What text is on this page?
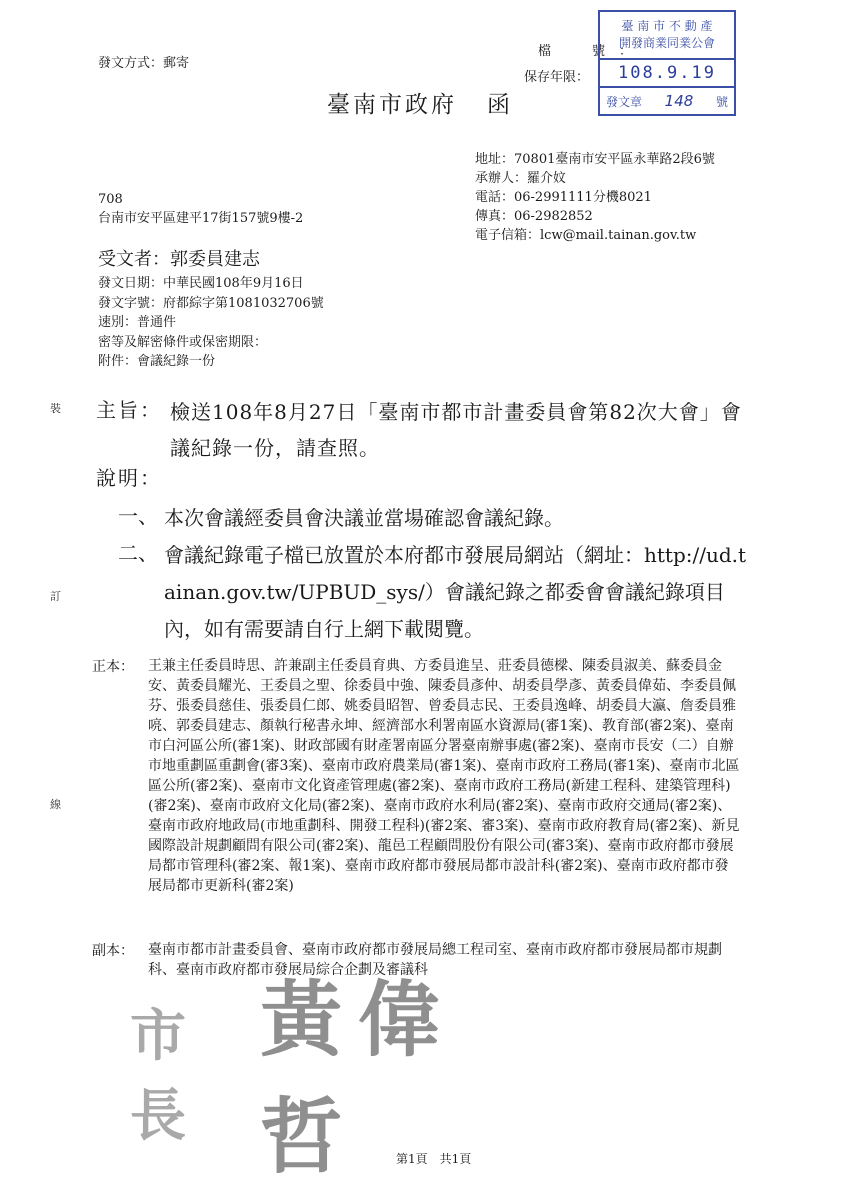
發文方式：郵寄
檔　號：
保存年限：
臺 南 市 不 動 產
開發商業同業公會
108.9.19
發文章 148 號
臺南市政府 函
地址：70801臺南市安平區永華路2段6號
承辦人：羅介妏
電話：06-2991111分機8021
傳真：06-2982852
電子信箱：lcw@mail.tainan.gov.tw
708
台南市安平區建平17街157號9樓-2
受文者：郭委員建志
發文日期：中華民國108年9月16日
發文字號：府都綜字第1081032706號
速別：普通件
密等及解密條件或保密期限：
附件：會議紀錄一份
裝
訂
線
主旨： 檢送108年8月27日「臺南市都市計畫委員會第82次大會」會議紀錄一份，請查照。
說明：
一、 本次會議經委員會決議並當場確認會議紀錄。
二、 會議紀錄電子檔已放置於本府都市發展局網站（網址：http://ud.tainan.gov.tw/UPBUD_sys/）會議紀錄之都委會會議紀錄項目內，如有需要請自行上網下載閱覽。
正本： 王兼主任委員時思、許兼副主任委員育典、方委員進呈、莊委員德樑、陳委員淑美、蘇委員金安、黃委員耀光、王委員之聖、徐委員中強、陳委員彥仲、胡委員學彥、黃委員偉茹、李委員佩芬、張委員慈佳、張委員仁郎、姚委員昭智、曾委員志民、王委員逸峰、胡委員大瀛、詹委員雅喨、郭委員建志、顏執行秘書永坤、經濟部水利署南區水資源局(審1案)、教育部(審2案)、臺南市白河區公所(審1案)、財政部國有財產署南區分署臺南辦事處(審2案)、臺南市長安（二）自辦市地重劃區重劃會(審3案)、臺南市政府農業局(審1案)、臺南市政府工務局(審1案)、臺南市北區區公所(審2案)、臺南市文化資產管理處(審2案)、臺南市政府工務局(新建工程科、建築管理科)(審2案)、臺南市政府文化局(審2案)、臺南市政府水利局(審2案)、臺南市政府交通局(審2案)、臺南市政府地政局(市地重劃科、開發工程科)(審2案、審3案)、臺南市政府教育局(審2案)、新見國際設計規劃顧問有限公司(審2案)、龍邑工程顧問股份有限公司(審3案)、臺南市政府都市發展局都市管理科(審2案、報1案)、臺南市政府都市發展局都市設計科(審2案)、臺南市政府都市發展局都市更新科(審2案)
副本： 臺南市都市計畫委員會、臺南市政府都市發展局總工程司室、臺南市政府都市發展局都市規劃科、臺南市政府都市發展局綜合企劃及審議科
市長
黃偉哲	第1頁　共1頁
